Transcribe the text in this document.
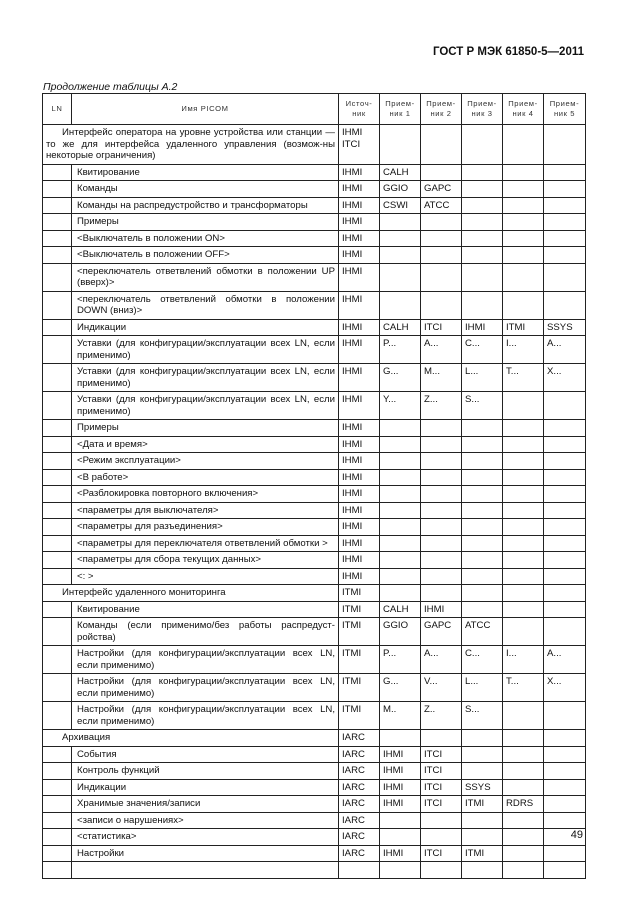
ГОСТ Р МЭК 61850-5—2011
Продолжение таблицы А.2
LN	Имя PICOM	Источ-ник	Прием-ник 1	Прием-ник 2	Прием-ник 3	Прием-ник 4	Прием-ник 5
Интерфейс оператора на уровне устройства или станции — то же для интерфейса удаленного управления (возмож-ны некоторые ограничения)		IHMI ITCI					
	Квитирование	IHMI	CALH				
	Команды	IHMI	GGIO	GAPC			
	Команды на распредустройство и трансформаторы	IHMI	CSWI	ATCC			
	Примеры	IHMI					
	<Выключатель в положении ON>	IHMI					
	<Выключатель в положении OFF>	IHMI					
	<переключатель ответвлений обмотки в положении UP (вверх)>	IHMI					
	<переключатель ответвлений обмотки в положении DOWN (вниз)>	IHMI					
	Индикации	IHMI	CALH	ITCI	IHMI	ITMI	SSYS
	Уставки (для конфигурации/эксплуатации всех LN, если применимо)	IHMI	P...	A...	C...	I...	A...
	Уставки (для конфигурации/эксплуатации всех LN, если применимо)	IHMI	G...	M...	L...	T...	X...
	Уставки (для конфигурации/эксплуатации всех LN, если применимо)	IHMI	Y...	Z...	S...		
	Примеры	IHMI					
	<Дата и время>	IHMI					
	<Режим эксплуатации>	IHMI					
	<В работе>	IHMI					
	<Разблокировка повторного включения>	IHMI					
	<параметры для выключателя>	IHMI					
	<параметры для разъединения>	IHMI					
	<параметры для переключателя ответвлений обмотки >	IHMI					
	<параметры для сбора текущих данных>	IHMI					
	<: >	IHMI					
Интерфейс удаленного мониторинга		ITMI					
	Квитирование	ITMI	CALH	IHMI			
	Команды (если применимо/без работы распредуст-ройства)	ITMI	GGIO	GAPC	ATCC		
	Настройки (для конфигурации/эксплуатации всех LN, если применимо)	ITMI	P...	A...	C...	I...	A...
	Настройки (для конфигурации/эксплуатации всех LN, если применимо)	ITMI	G...	V...	L...	T...	X...
	Настройки (для конфигурации/эксплуатации всех LN, если применимо)	ITMI	M..	Z..	S...		
Архивация		IARC					
	События	IARC	IHMI	ITCI			
	Контроль функций	IARC	IHMI	ITCI			
	Индикации	IARC	IHMI	ITCI	SSYS		
	Хранимые значения/записи	IARC	IHMI	ITCI	ITMI	RDRS	
	<записи о нарушениях>	IARC					
	<статистика>	IARC					
	Настройки	IARC	IHMI	ITCI	ITMI		

49
